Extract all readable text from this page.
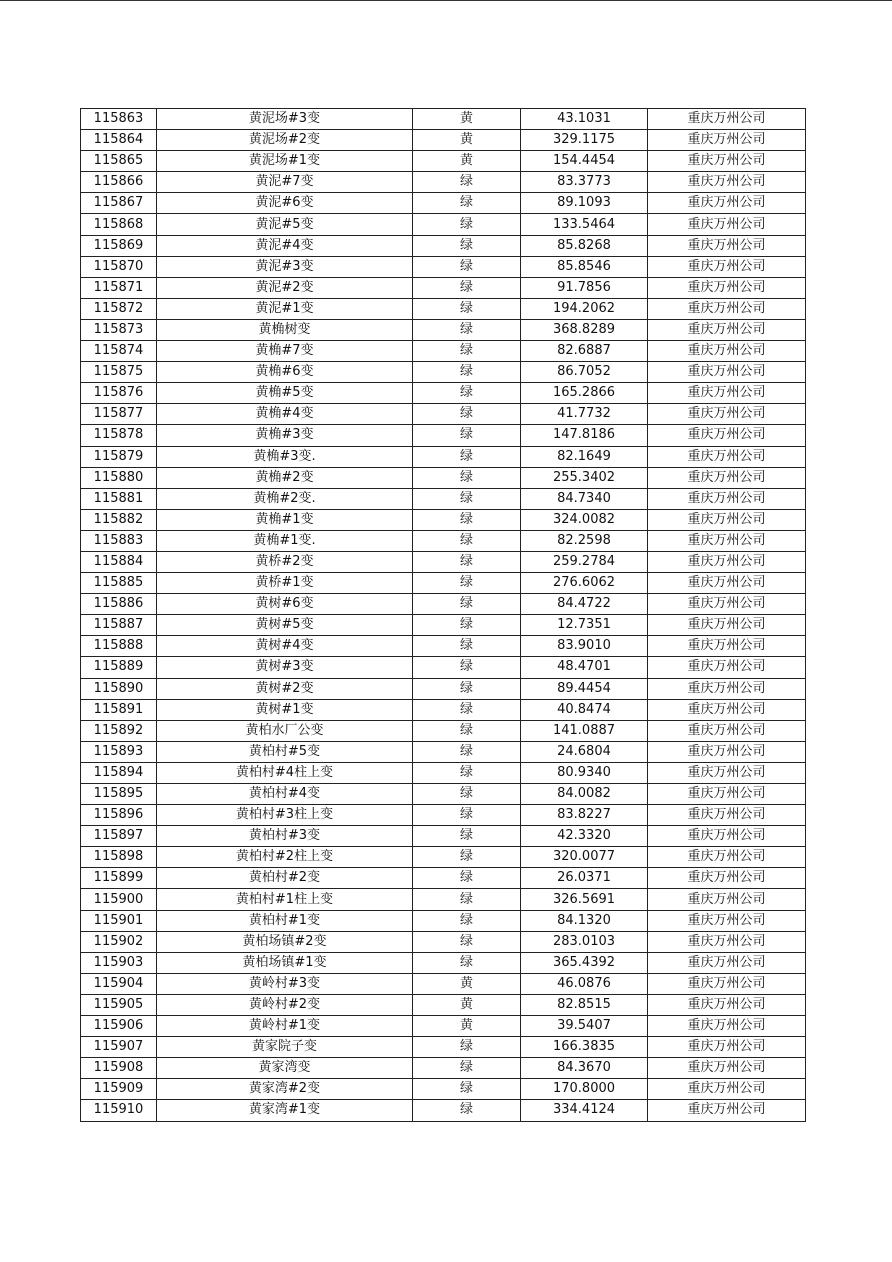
115863	黄泥场#3变	黄	43.1031	重庆万州公司
115864	黄泥场#2变	黄	329.1175	重庆万州公司
115865	黄泥场#1变	黄	154.4454	重庆万州公司
115866	黄泥#7变	绿	83.3773	重庆万州公司
115867	黄泥#6变	绿	89.1093	重庆万州公司
115868	黄泥#5变	绿	133.5464	重庆万州公司
115869	黄泥#4变	绿	85.8268	重庆万州公司
115870	黄泥#3变	绿	85.8546	重庆万州公司
115871	黄泥#2变	绿	91.7856	重庆万州公司
115872	黄泥#1变	绿	194.2062	重庆万州公司
115873	黄桷树变	绿	368.8289	重庆万州公司
115874	黄桷#7变	绿	82.6887	重庆万州公司
115875	黄桷#6变	绿	86.7052	重庆万州公司
115876	黄桷#5变	绿	165.2866	重庆万州公司
115877	黄桷#4变	绿	41.7732	重庆万州公司
115878	黄桷#3变	绿	147.8186	重庆万州公司
115879	黄桷#3变.	绿	82.1649	重庆万州公司
115880	黄桷#2变	绿	255.3402	重庆万州公司
115881	黄桷#2变.	绿	84.7340	重庆万州公司
115882	黄桷#1变	绿	324.0082	重庆万州公司
115883	黄桷#1变.	绿	82.2598	重庆万州公司
115884	黄桥#2变	绿	259.2784	重庆万州公司
115885	黄桥#1变	绿	276.6062	重庆万州公司
115886	黄树#6变	绿	84.4722	重庆万州公司
115887	黄树#5变	绿	12.7351	重庆万州公司
115888	黄树#4变	绿	83.9010	重庆万州公司
115889	黄树#3变	绿	48.4701	重庆万州公司
115890	黄树#2变	绿	89.4454	重庆万州公司
115891	黄树#1变	绿	40.8474	重庆万州公司
115892	黄柏水厂公变	绿	141.0887	重庆万州公司
115893	黄柏村#5变	绿	24.6804	重庆万州公司
115894	黄柏村#4柱上变	绿	80.9340	重庆万州公司
115895	黄柏村#4变	绿	84.0082	重庆万州公司
115896	黄柏村#3柱上变	绿	83.8227	重庆万州公司
115897	黄柏村#3变	绿	42.3320	重庆万州公司
115898	黄柏村#2柱上变	绿	320.0077	重庆万州公司
115899	黄柏村#2变	绿	26.0371	重庆万州公司
115900	黄柏村#1柱上变	绿	326.5691	重庆万州公司
115901	黄柏村#1变	绿	84.1320	重庆万州公司
115902	黄柏场镇#2变	绿	283.0103	重庆万州公司
115903	黄柏场镇#1变	绿	365.4392	重庆万州公司
115904	黄岭村#3变	黄	46.0876	重庆万州公司
115905	黄岭村#2变	黄	82.8515	重庆万州公司
115906	黄岭村#1变	黄	39.5407	重庆万州公司
115907	黄家院子变	绿	166.3835	重庆万州公司
115908	黄家湾变	绿	84.3670	重庆万州公司
115909	黄家湾#2变	绿	170.8000	重庆万州公司
115910	黄家湾#1变	绿	334.4124	重庆万州公司
